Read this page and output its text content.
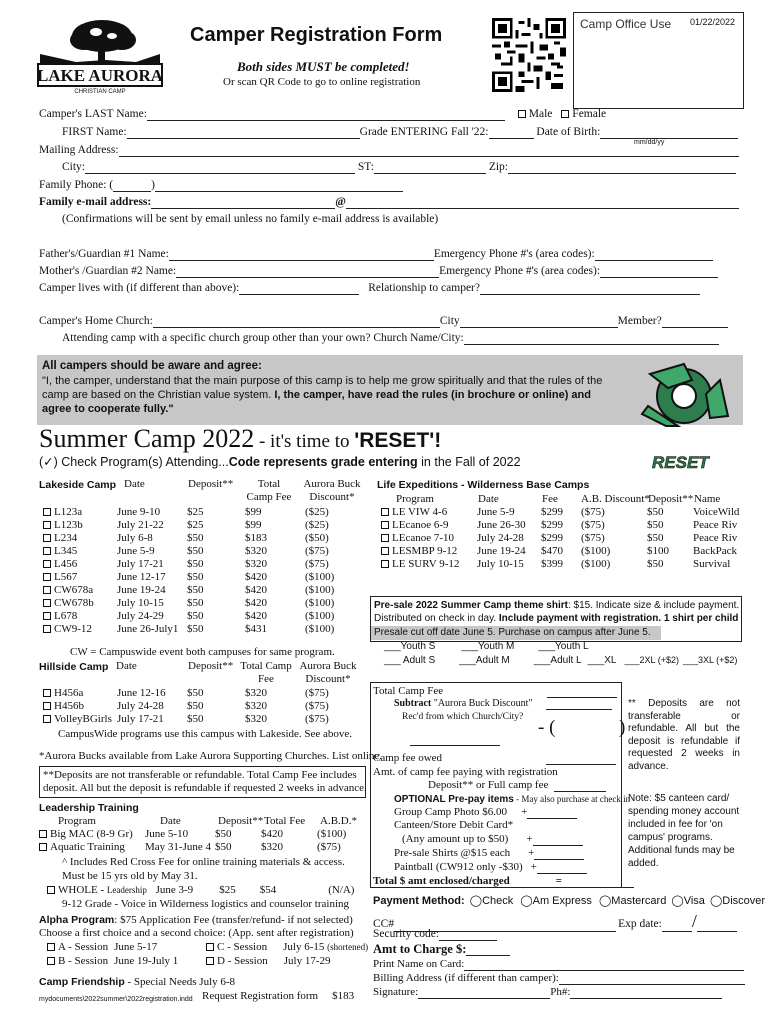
LAKE AURORA
CHRISTIAN CAMP
Camper Registration Form
Both sides MUST be completed!
Or scan QR Code to go to online registration
Camp Office Use 01/22/2022
Camper's LAST Name:	Male Female
FIRST Name:	Grade ENTERING Fall '22:	Date of Birth:
mm/dd/yy
Mailing Address:
City:	ST:	Zip:
Family Phone: (	)
Family e-mail address:	@
(Confirmations will be sent by email unless no family e-mail address is available)
Father's/Guardian #1 Name:	Emergency Phone #'s (area codes):
Mother's /Guardian #2 Name:	Emergency Phone #'s (area codes):
Camper lives with (if different than above):	Relationship to camper?
Camper's Home Church:	City	Member?
Attending camp with a specific church group other than your own? Church Name/City:
All campers should be aware and agree:
"I, the camper, understand that the main purpose of this camp is to help me grow spiritually and that the rules of the
camp are based on the Christian value system. I, the camper, have read the rules (in brochure or online) and
agree to cooperate fully."
Summer Camp 2022 - it's time to 'RESET'!
(✓) Check Program(s) Attending...Code represents grade entering in the Fall of 2022	RESET
Lakeside Camp Date	Deposit**	Total Camp Fee
Aurora Buck Discount*
L123a	June 9-10	$25	$99	($25)
L123b	July 21-22	$25	$99	($25)
L234	July 6-8	$50	$183	($50)
L345	June 5-9	$50	$320	($75)
L456	July 17-21	$50	$320	($75)
L567	June 12-17	$50	$420	($100)
CW678a	June 19-24	$50	$420	($100)
CW678b	July 10-15	$50	$420	($100)
L678	July 24-29	$50	$420	($100)
CW9-12	June 26-July1	$50	$431	($100)
CW = Campuswide event both campuses for same program.
Hillside Camp Date	Deposit** Total Camp Fee
Aurora Buck Discount*
H456a	June 12-16	$50	$320	($75)
H456b	July 24-28	$50	$320	($75)
VolleyBGirls	July 17-21	$50	$320	($75)
CampusWide programs use this campus with Lakeside. See above.
*Aurora Bucks available from Lake Aurora Supporting Churches. List online.
**Deposits are not transferable or refundable. Total Camp Fee includes
deposit. All but the deposit is refundable if requested 2 weeks in advance.
Leadership Training
Program	Date	Deposit** Total Fee A.B.D.*
Big MAC (8-9 Gr)	June 5-10	$50	$420	($100)
Aquatic Training	May 31-June 4	$50	$320	($75)
^ Includes Red Cross Fee for online training materials & access.
Must be 15 yrs old by May 31.
WHOLE - Leadership June 3-9 $25 $54	(N/A)
9-12 Grade - Voice in Wilderness logistics and counselor training
Alpha Program: $75 Application Fee (transfer/refund- if not selected)
Choose a first choice and a second choice: (App. sent after registration)
A - Session June 5-17
B - Session June 19-July 1
C - Session July 6-15 (shortened)
D - Session July 17-29
Camp Friendship - Special Needs July 6-8
mydocuments\2022summer\2022registration.indd Request Registration form $183
Life Expeditions - Wilderness Base Camps
Program	Date	Fee A.B. Discount*
Deposit** Name
LE VIW 4-6	June 5-9	$299	($75)	$50	VoiceWild
LEcanoe 6-9	June 26-30	$299	($75)	$50	Peace Riv
LEcanoe 7-10	July 24-28	$299	($75)	$50	Peace Riv
LESMBP 9-12	June 19-24	$470	($100)	$100	BackPack
LE SURV 9-12	July 10-15	$399	($100)	$50	Survival
Pre-sale 2022 Summer Camp theme shirt: $15. Indicate size & include payment.
Distributed on check in day. Include payment with registration. 1 shirt per child
Presale cut off date June 5. Purchase on campus after June 5.
___Youth S	___Youth M ___Youth L
___ Adult S ___Adult M ___Adult L ___XL ___2XL (+$2) ___3XL (+$2)
Total Camp Fee
Subtract "Aurora Buck Discount"
Rec'd from which Church/City? - (	)
Camp fee owed
Amt. of camp fee paying with registration
Deposit** or Full camp fee
OPTIONAL Pre-pay items - May also purchase at check in
Group Camp Photo $6.00 +
Canteen/Store Debit Card*
(Any amount up to $50) +
Pre-sale Shirts @$15 each +
Paintball (CW912 only -$30) +
Total $ amt enclosed/charged	=
** Deposits are not transferable or refundable. All but the deposit is refundable if requested 2 weeks in advance.
Note: $5 canteen card/ spending money account included in fee for 'on campus' programs. Additional funds may be added.
Payment Method: ◯Check ◯Am Express ◯Mastercard ◯Visa ◯Discover
CC#	Exp date: /
Security code:
Amt to Charge $:
Print Name on Card:
Billing Address (if different than camper):
Signature:	Ph#:
